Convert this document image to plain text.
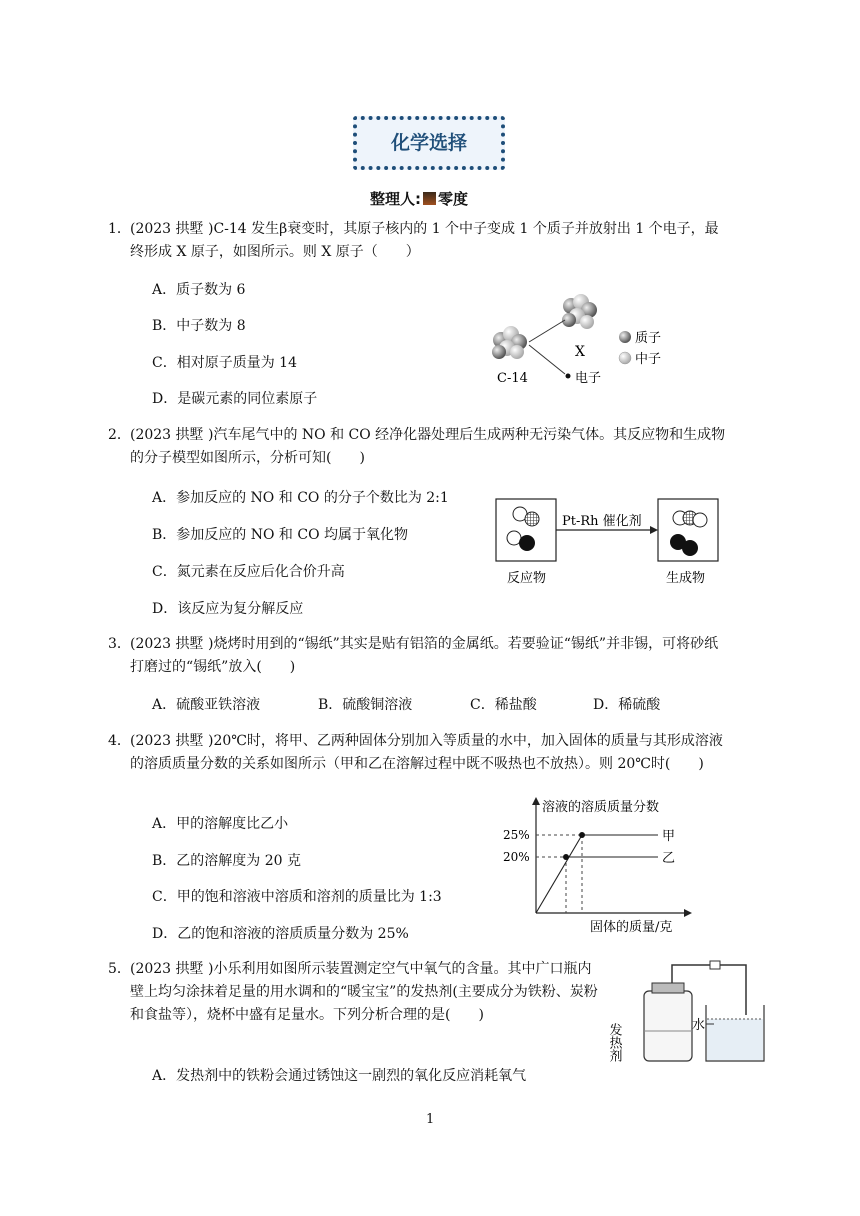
化学选择
整理人: 零度
1． (2023 拱墅 )C-14 发生β衰变时，其原子核内的 1 个中子变成 1 个质子并放射出 1 个电子，最终形成 X 原子，如图所示。则 X 原子（　　）
A．质子数为 6
B．中子数为 8
C．相对原子质量为 14
D．是碳元素的同位素原子
C-14
X
电子
质子
中子
2． (2023 拱墅 )汽车尾气中的 NO 和 CO 经净化器处理后生成两种无污染气体。其反应物和生成物的分子模型如图所示，分析可知(　　)
A．参加反应的 NO 和 CO 的分子个数比为 2:1
B．参加反应的 NO 和 CO 均属于氧化物
C．氮元素在反应后化合价升高
D．该反应为复分解反应
Pt-Rh 催化剂
反应物	生成物
3． (2023 拱墅 )烧烤时用到的“锡纸”其实是贴有铝箔的金属纸。若要验证“锡纸”并非锡，可将砂纸打磨过的“锡纸”放入(　　)
A．硫酸亚铁溶液	B．硫酸铜溶液	C．稀盐酸	D．稀硫酸
4． (2023 拱墅 )20℃时，将甲、乙两种固体分别加入等质量的水中，加入固体的质量与其形成溶液的溶质质量分数的关系如图所示（甲和乙在溶解过程中既不吸热也不放热）。则 20℃时(　　)
A．甲的溶解度比乙小
B．乙的溶解度为 20 克
C．甲的饱和溶液中溶质和溶剂的质量比为 1:3
D．乙的饱和溶液的溶质质量分数为 25%
溶液的溶质质量分数
固体的质量/克
25%
20%
甲
乙
5． (2023 拱墅 )小乐利用如图所示装置测定空气中氧气的含量。其中广口瓶内壁上均匀涂抹着足量的用水调和的“暖宝宝”的发热剂(主要成分为铁粉、炭粉和食盐等），烧杯中盛有足量水。下列分析合理的是(　　)
A．发热剂中的铁粉会通过锈蚀这一剧烈的氧化反应消耗氧气
发热剂	水
1
